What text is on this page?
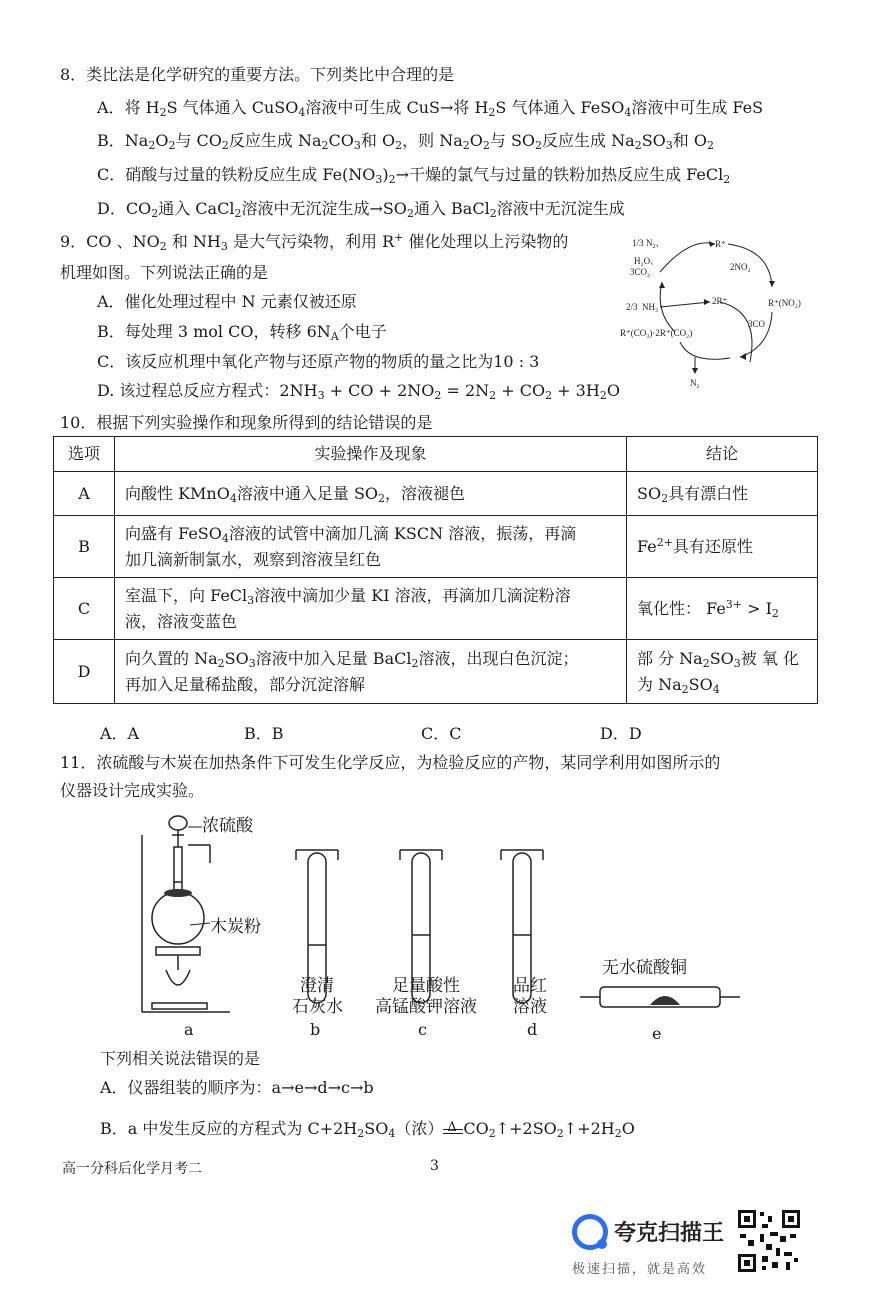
8．类比法是化学研究的重要方法。下列类比中合理的是
A．将 $H_2S$ 气体通入 CuSO$_4$溶液中可生成 CuS→将 $H_2S$ 气体通入 FeSO$_4$溶液中可生成 FeS
B．$Na_2O_2$与 $CO_2$反应生成 $Na_2CO_3$和 $O_2$，则 $Na_2O_2$与 $SO_2$反应生成 $Na_2SO_3$和 $O_2$
C．硝酸与过量的铁粉反应生成 $Fe(NO_3)_2\to$干燥的氯气与过量的铁粉加热反应生成 FeCl$_2$
D．$CO_2$通入 CaCl$_2$溶液中无沉淀生成$\to SO_2$通入 BaCl$_2$溶液中无沉淀生成
9．CO 、$NO_2$ 和 $NH_3$ 是大气污染物，利用 R+ 催化处理以上污染物的
机理如图。下列说法正确的是
A．催化处理过程中 N 元素仅被还原
B．每处理 3 mol CO，转移 $6N_A$个电子
C．该反应机理中氧化产物与还原产物的物质的量之比为10 : 3
D. 该过程总反应方程式：$2NH_3$ + CO + $2NO_2 = 2N_2 + CO_2 + 3H_2O$
1/3 $N_2$、
H₂O、
3CO₂
2/3 NH₃
R⁺
2NO₂
2R⁺	R⁺(NO₂)
3CO
R⁺(CO₃)·2R⁺(CO₂)
N₂
10．根据下列实验操作和现象所得到的结论错误的是
选项	实验操作及现象	结论
A	向酸性 KMnO$_4$溶液中通入足量 $SO_2$，溶液褪色	$SO_2$具有漂白性
B	向盛有 FeSO$_4$溶液的试管中滴加几滴 KSCN 溶液，振荡，再滴
加几滴新制氯水，观察到溶液呈红色	$Fe^{2+}$具有还原性
C	室温下，向 FeCl$_3$溶液中滴加少量 KI 溶液，再滴加几滴淀粉溶
液，溶液变蓝色	氧化性： $Fe^{3+} > I_2$
D	向久置的 $Na_2SO_3$溶液中加入足量 BaCl$_2$溶液，出现白色沉淀；
再加入足量稀盐酸，部分沉淀溶解	部 分 $Na_2SO_3$被 氧 化
为 $Na_2SO_4$
A．A	B．B	C．C	D．D
11．浓硫酸与木炭在加热条件下可发生化学反应，为检验反应的产物，某同学利用如图所示的
仪器设计完成实验。
浓硫酸
木炭粉
澄清
石灰水
足量酸性
高锰酸钾溶液
品红
溶液
无水硫酸铜
a	b	c	d	e
下列相关说法错误的是
A．仪器组装的顺序为：a→e→d→c→b
B．a 中发生反应的方程式为 $C+2H_2SO_4$（浓） Δ $CO_2↑+2SO_2↑+2H_2O$
高一分科后化学月考二	3
夸克扫描王
极速扫描，就是高效
